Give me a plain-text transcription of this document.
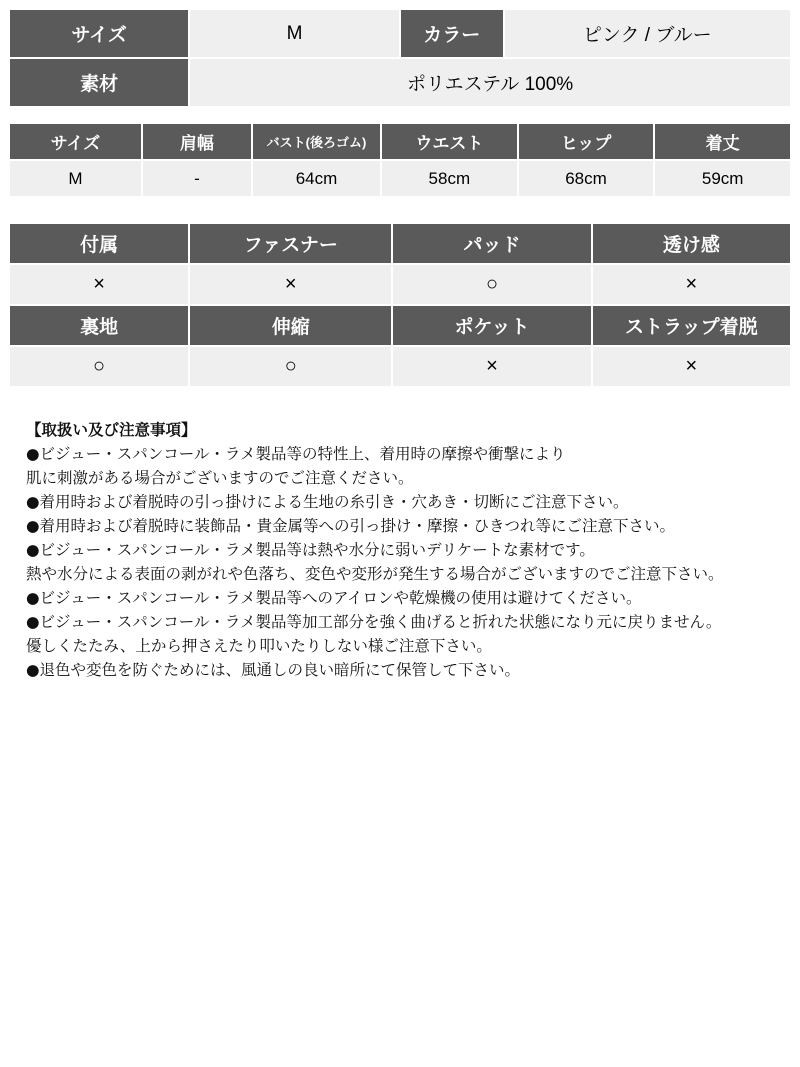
サイズ	M	カラー	ピンク / ブルー
素材	ポリエステル 100%		
サイズ	肩幅	バスト(後ろゴム)	ウエスト	ヒップ	着丈
M	-	64cm	58cm	68cm	59cm
付属	ファスナー	パッド	透け感
×	×	○	×
裏地	伸縮	ポケット	ストラップ着脱
○	○	×	×
【取扱い及び注意事項】
●ビジュー・スパンコール・ラメ製品等の特性上、着用時の摩擦や衝撃により
肌に刺激がある場合がございますのでご注意ください。
●着用時および着脱時の引っ掛けによる生地の糸引き・穴あき・切断にご注意下さい。
●着用時および着脱時に装飾品・貴金属等への引っ掛け・摩擦・ひきつれ等にご注意下さい。
●ビジュー・スパンコール・ラメ製品等は熱や水分に弱いデリケートな素材です。
熱や水分による表面の剥がれや色落ち、変色や変形が発生する場合がございますのでご注意下さい。
●ビジュー・スパンコール・ラメ製品等へのアイロンや乾燥機の使用は避けてください。
●ビジュー・スパンコール・ラメ製品等加工部分を強く曲げると折れた状態になり元に戻りません。
優しくたたみ、上から押さえたり叩いたりしない様ご注意下さい。
●退色や変色を防ぐためには、風通しの良い暗所にて保管して下さい。
